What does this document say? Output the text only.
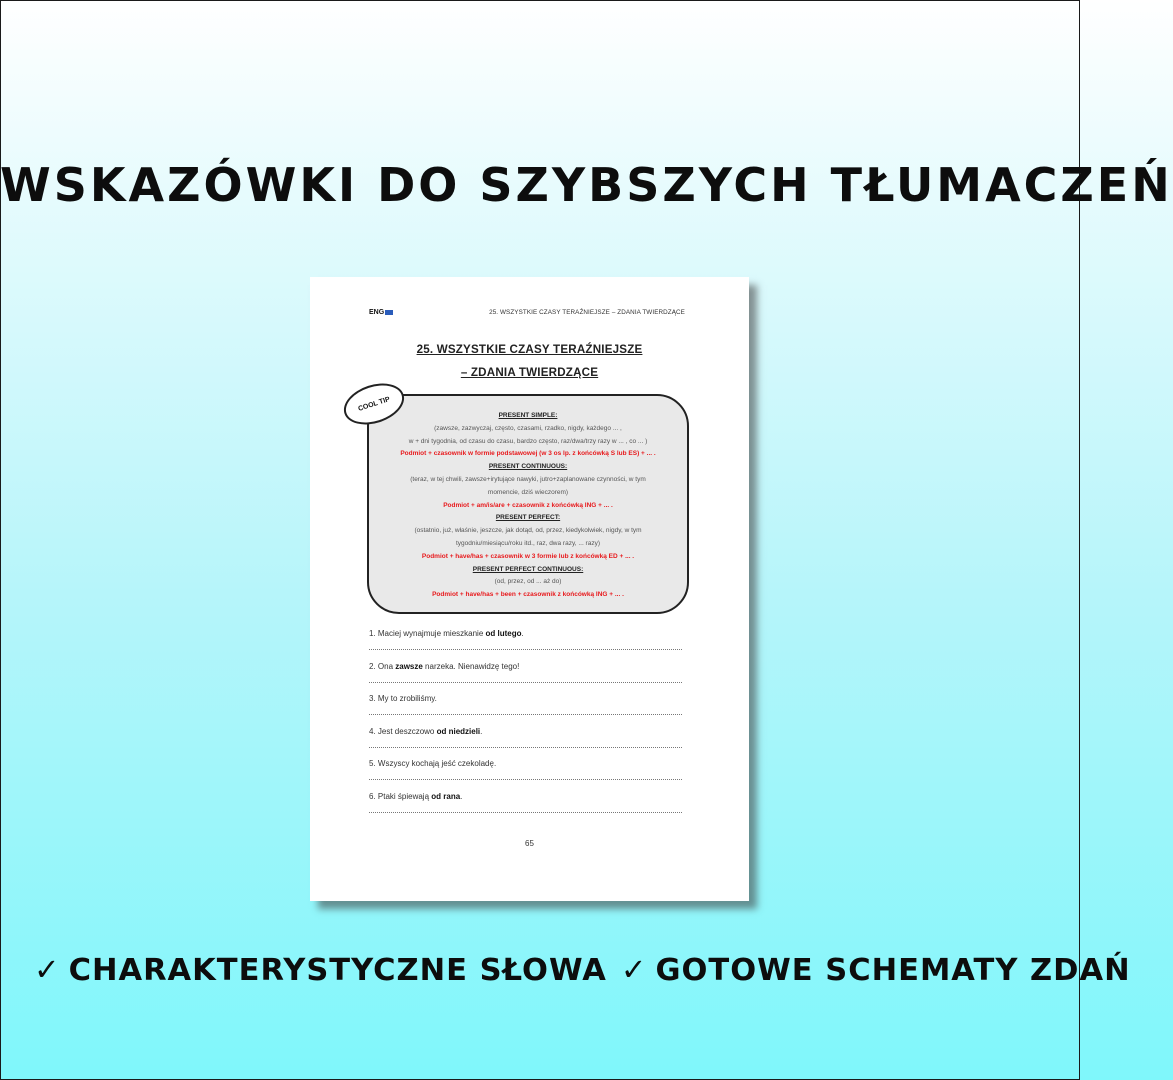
WSKAZÓWKI DO SZYBSZYCH TŁUMACZEŃ
ENG	25. WSZYSTKIE CZASY TERAŹNIEJSZE – ZDANIA TWIERDZĄCE
25. WSZYSTKIE CZASY TERAŹNIEJSZE
– ZDANIA TWIERDZĄCE
COOL TIP
PRESENT SIMPLE:
(zawsze, zazwyczaj, często, czasami, rzadko, nigdy, każdego ... ,
w + dni tygodnia, od czasu do czasu, bardzo często, raz/dwa/trzy razy w ... , co ... )
Podmiot + czasownik w formie podstawowej (w 3 os lp. z końcówką S lub ES) + ... .
PRESENT CONTINUOUS:
(teraz, w tej chwili, zawsze+irytujące nawyki, jutro+zaplanowane czynności, w tym
momencie, dziś wieczorem)
Podmiot + am/is/are + czasownik z końcówką ING + ... .
PRESENT PERFECT:
(ostatnio, już, właśnie, jeszcze, jak dotąd, od, przez, kiedykolwiek, nigdy, w tym
tygodniu/miesiącu/roku itd., raz, dwa razy, ... razy)
Podmiot + have/has + czasownik w 3 formie lub z końcówką ED + ... .
PRESENT PERFECT CONTINUOUS:
(od, przez, od ... aż do)
Podmiot + have/has + been + czasownik z końcówką ING + ... .
1. Maciej wynajmuje mieszkanie od lutego.
2. Ona zawsze narzeka. Nienawidzę tego!
3. My to zrobiliśmy.
4. Jest deszczowo od niedzieli.
5. Wszyscy kochają jeść czekoladę.
6. Ptaki śpiewają od rana.
65
✓ CHARAKTERYSTYCZNE SŁOWA ✓ GOTOWE SCHEMATY ZDAŃ
